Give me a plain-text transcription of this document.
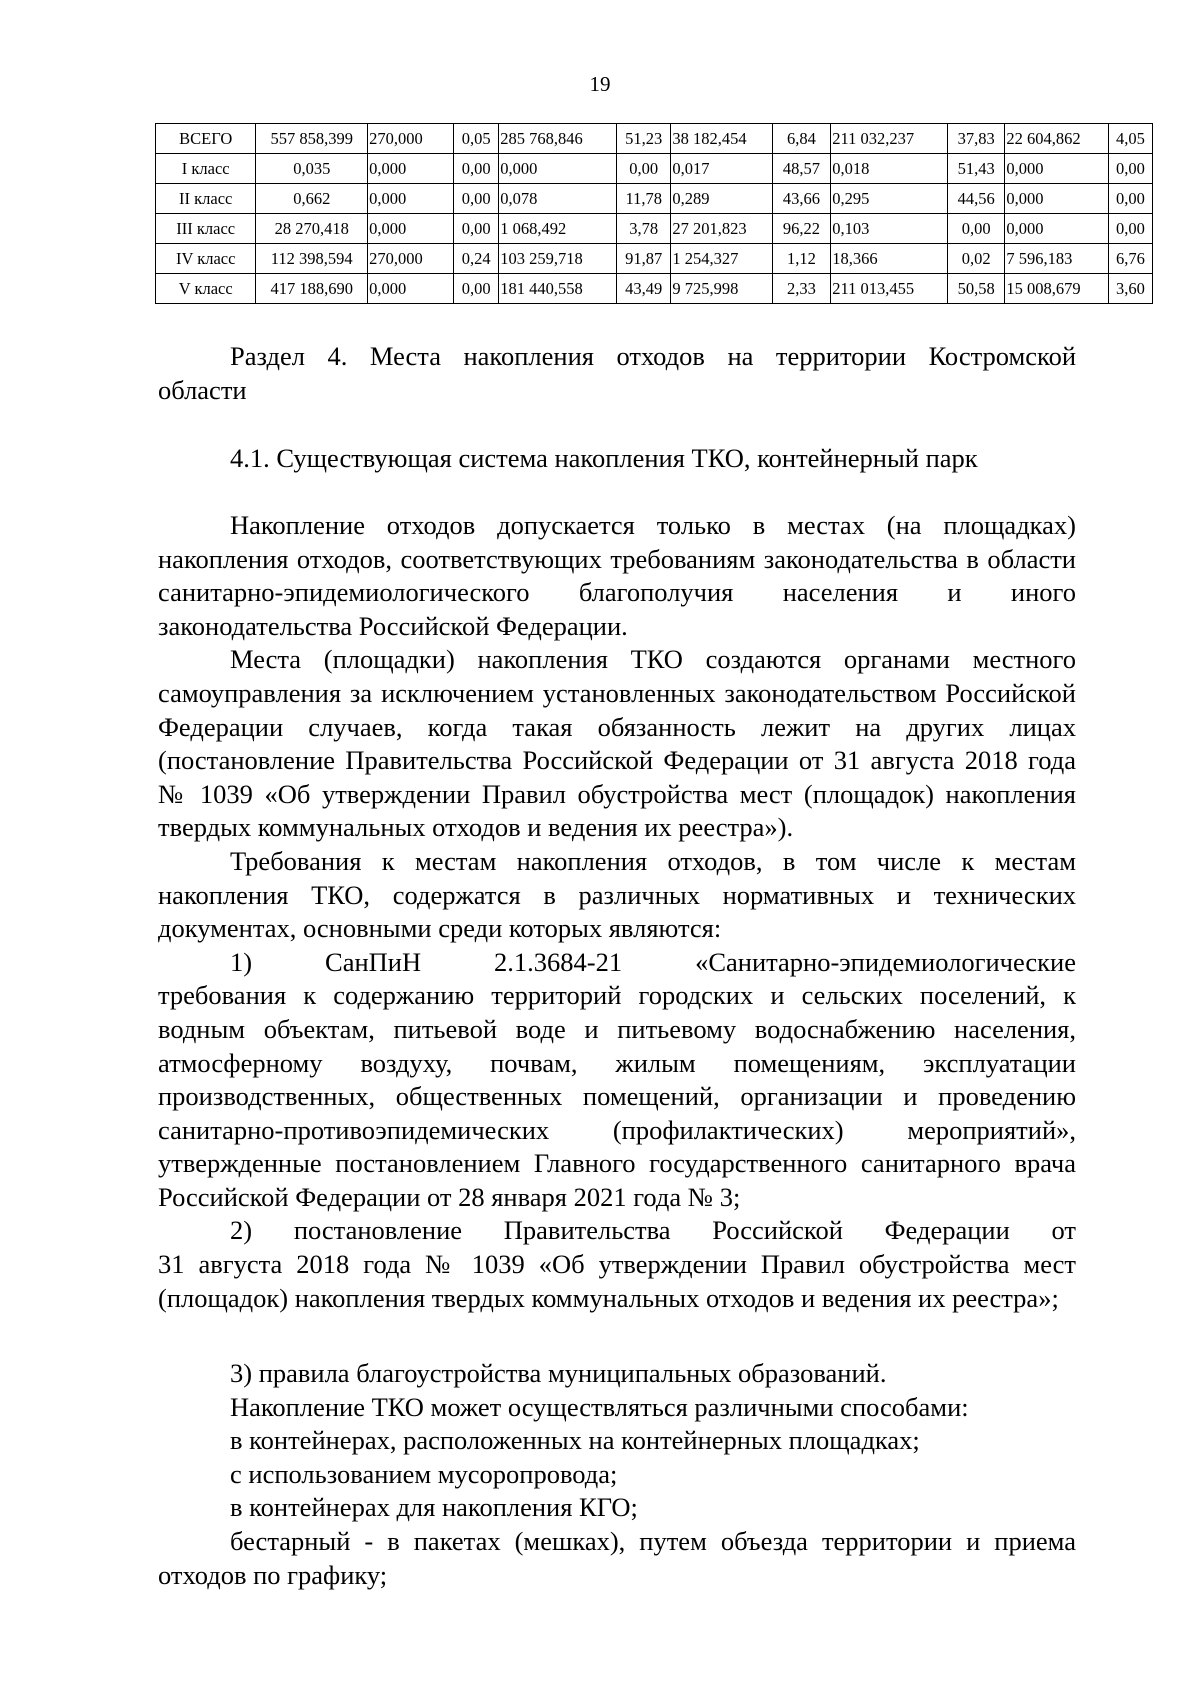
19
ВСЕГО	557 858,399	270,000	0,05	285 768,846	51,23	38 182,454	6,84	211 032,237	37,83	22 604,862	4,05
I класс	0,035	0,000	0,00	0,000	0,00	0,017	48,57	0,018	51,43	0,000	0,00
II класс	0,662	0,000	0,00	0,078	11,78	0,289	43,66	0,295	44,56	0,000	0,00
III класс	28 270,418	0,000	0,00	1 068,492	3,78	27 201,823	96,22	0,103	0,00	0,000	0,00
IV класс	112 398,594	270,000	0,24	103 259,718	91,87	1 254,327	1,12	18,366	0,02	7 596,183	6,76
V класс	417 188,690	0,000	0,00	181 440,558	43,49	9 725,998	2,33	211 013,455	50,58	15 008,679	3,60

Раздел 4. Места накопления отходов на территории Костромской

области

4.1. Существующая система накопления ТКО, контейнерный парк

Накопление отходов допускается только в местах (на площадках) накопления отходов, соответствующих требованиям законодательства в области санитарно-эпидемиологического благополучия населения и иного законодательства Российской Федерации.

Места (площадки) накопления ТКО создаются органами местного самоуправления за исключением установленных законодательством Российской Федерации случаев, когда такая обязанность лежит на других лицах (постановление Правительства Российской Федерации от 31 августа 2018 года № 1039 «Об утверждении Правил обустройства мест (площадок) накопления твердых коммунальных отходов и ведения их реестра»).

Требования к местам накопления отходов, в том числе к местам накопления ТКО, содержатся в различных нормативных и технических документах, основными среди которых являются:

1) СанПиН 2.1.3684-21 «Санитарно-эпидемиологические

требования к содержанию территорий городских и сельских поселений, к водным объектам, питьевой воде и питьевому водоснабжению населения, атмосферному воздуху, почвам, жилым помещениям, эксплуатации производственных, общественных помещений, организации и проведению санитарно-противоэпидемических (профилактических) мероприятий», утвержденные постановлением Главного государственного санитарного врача Российской Федерации от 28 января 2021 года № 3;

2) постановление Правительства Российской Федерации от

31 августа 2018 года № 1039 «Об утверждении Правил обустройства мест (площадок) накопления твердых коммунальных отходов и ведения их реестра»;

3) правила благоустройства муниципальных образований.

Накопление ТКО может осуществляться различными способами:

в контейнерах, расположенных на контейнерных площадках;

с использованием мусоропровода;

в контейнерах для накопления КГО;

бестарный - в пакетах (мешках), путем объезда территории и приема отходов по графику;
